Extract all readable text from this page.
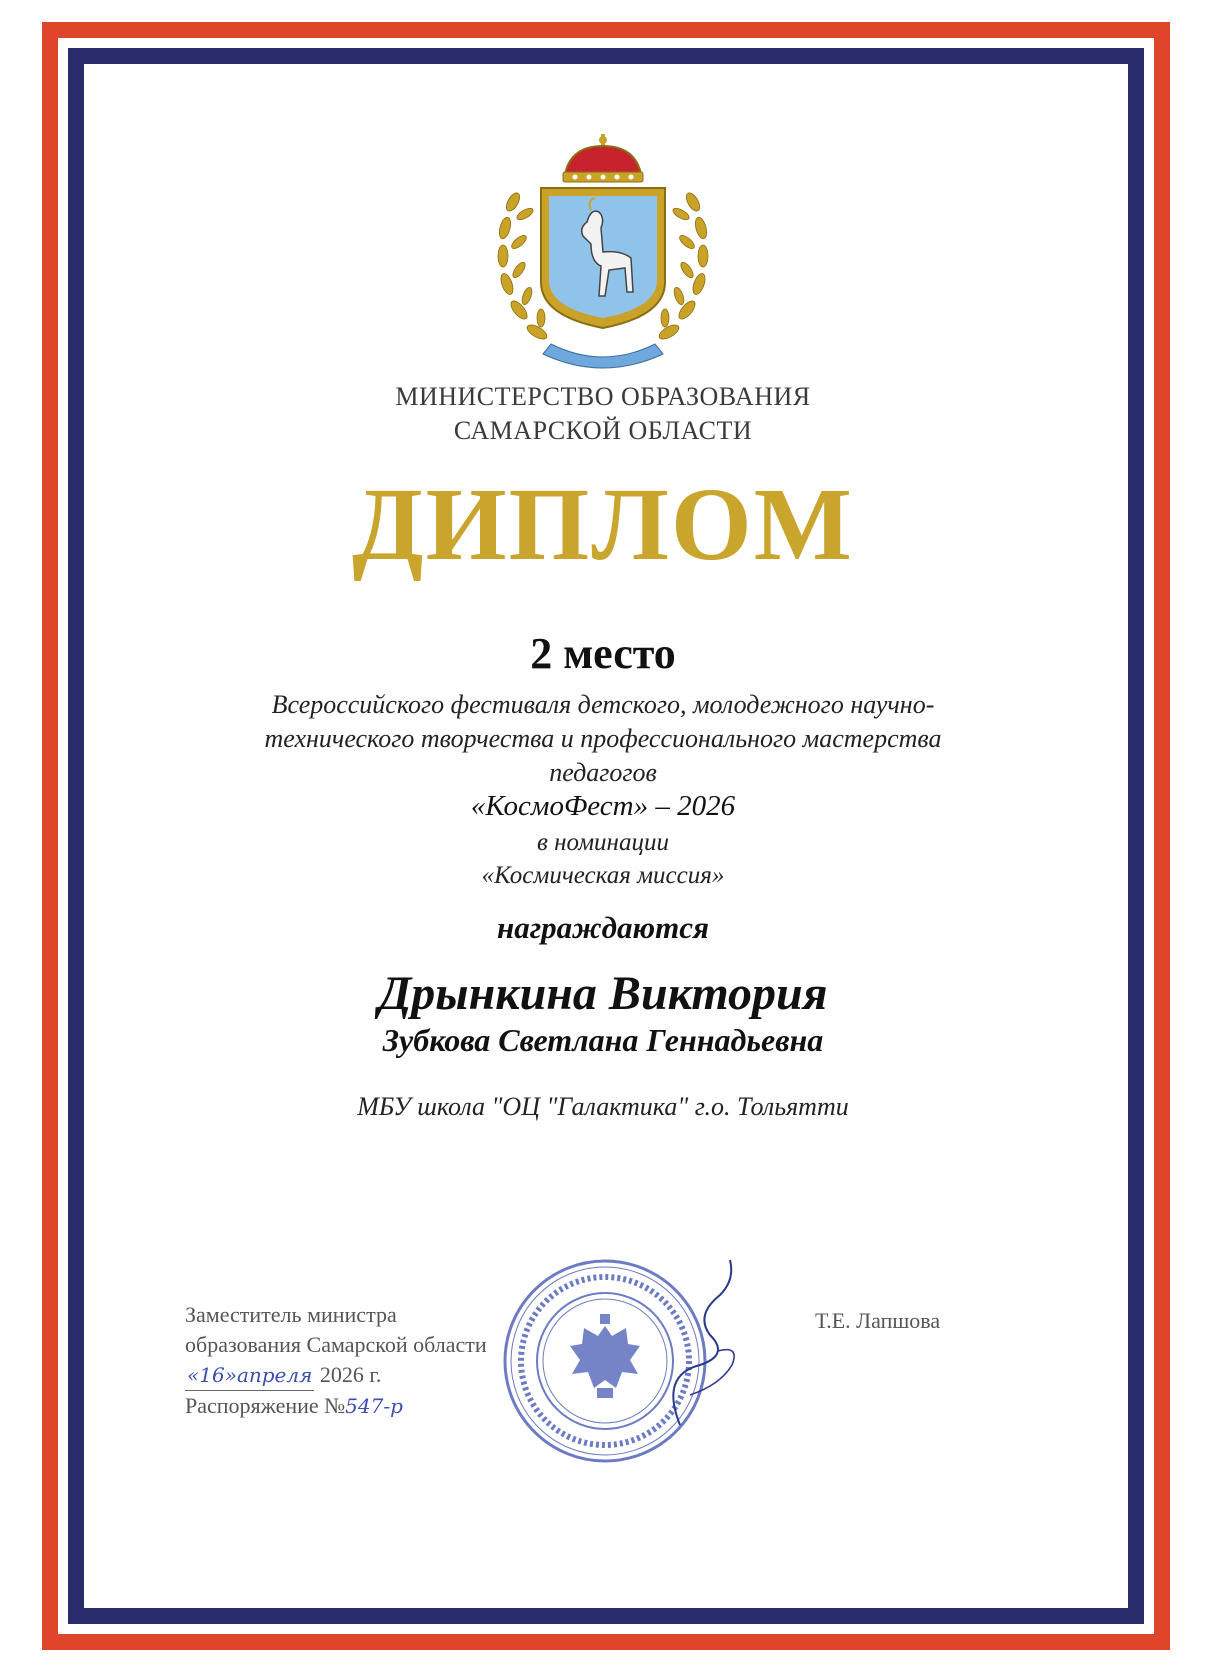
МИНИСТЕРСТВО ОБРАЗОВАНИЯ
САМАРСКОЙ ОБЛАСТИ
ДИПЛОМ
2 место
Всероссийского фестиваля детского, молодежного научно-
технического творчества и профессионального мастерства
педагогов
«КосмоФест» – 2026
в номинации
«Космическая миссия»
награждаются
Дрынкина Виктория
Зубкова Светлана Геннадьевна
МБУ школа "ОЦ "Галактика" г.о. Тольятти
Заместитель министра
образования Самарской области
«16»апреля 2026 г.
Распоряжение №547-р
Т.Е. Лапшова
